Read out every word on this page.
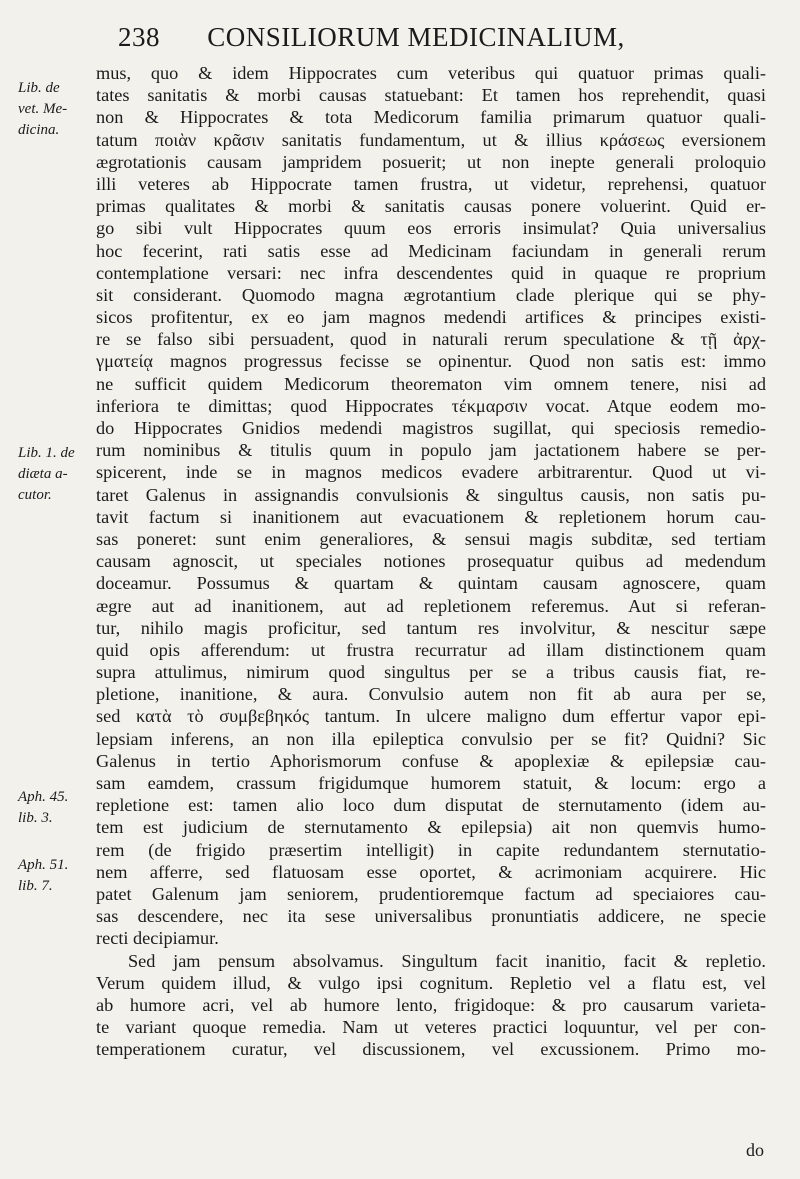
238 CONSILIORUM MEDICINALIUM,
Lib. de
vet. Me-
dicina.
Lib. 1. de
diæta a-
cutor.
Aph. 45.
lib. 3.
Aph. 51.
lib. 7.
mus, quo & idem Hippocrates cum veteribus qui quatuor primas quali-
tates sanitatis & morbi causas statuebant: Et tamen hos reprehendit, quasi
non & Hippocrates & tota Medicorum familia primarum quatuor quali-
tatum ποιὰν κρᾶσιν sanitatis fundamentum, ut & illius κράσεως eversionem
ægrotationis causam jampridem posuerit; ut non inepte generali proloquio
illi veteres ab Hippocrate tamen frustra, ut videtur, reprehensi, quatuor
primas qualitates & morbi & sanitatis causas ponere voluerint. Quid er-
go sibi vult Hippocrates quum eos erroris insimulat? Quia universalius
hoc fecerint, rati satis esse ad Medicinam faciundam in generali rerum
contemplatione versari: nec infra descendentes quid in quaque re proprium
sit considerant. Quomodo magna ægrotantium clade plerique qui se phy-
sicos profitentur, ex eo jam magnos medendi artifices & principes existi-
re se falso sibi persuadent, quod in naturali rerum speculatione & τῇ ἀρχ-
γματείᾳ magnos progressus fecisse se opinentur. Quod non satis est: immo
ne sufficit quidem Medicorum theorematon vim omnem tenere, nisi ad
inferiora te dimittas; quod Hippocrates τέκμαρσιν vocat. Atque eodem mo-
do Hippocrates Gnidios medendi magistros sugillat, qui speciosis remedio-
rum nominibus & titulis quum in populo jam jactationem habere se per-
spicerent, inde se in magnos medicos evadere arbitrarentur. Quod ut vi-
taret Galenus in assignandis convulsionis & singultus causis, non satis pu-
tavit factum si inanitionem aut evacuationem & repletionem horum cau-
sas poneret: sunt enim generaliores, & sensui magis subditæ, sed tertiam
causam agnoscit, ut speciales notiones prosequatur quibus ad medendum
doceamur. Possumus & quartam & quintam causam agnoscere, quam
ægre aut ad inanitionem, aut ad repletionem referemus. Aut si referan-
tur, nihilo magis proficitur, sed tantum res involvitur, & nescitur sæpe
quid opis afferendum: ut frustra recurratur ad illam distinctionem quam
supra attulimus, nimirum quod singultus per se a tribus causis fiat, re-
pletione, inanitione, & aura. Convulsio autem non fit ab aura per se,
sed κατὰ τὸ συμβεβηκός tantum. In ulcere maligno dum effertur vapor epi-
lepsiam inferens, an non illa epileptica convulsio per se fit? Quidni? Sic
Galenus in tertio Aphorismorum confuse & apoplexiæ & epilepsiæ cau-
sam eamdem, crassum frigidumque humorem statuit, & locum: ergo a
repletione est: tamen alio loco dum disputat de sternutamento (idem au-
tem est judicium de sternutamento & epilepsia) ait non quemvis humo-
rem (de frigido præsertim intelligit) in capite redundantem sternutatio-
nem afferre, sed flatuosam esse oportet, & acrimoniam acquirere. Hic
patet Galenum jam seniorem, prudentioremque factum ad speciaiores cau-
sas descendere, nec ita sese universalibus pronuntiatis addicere, ne specie
recti decipiamur.
Sed jam pensum absolvamus. Singultum facit inanitio, facit & repletio.
Verum quidem illud, & vulgo ipsi cognitum. Repletio vel a flatu est, vel
ab humore acri, vel ab humore lento, frigidoque: & pro causarum varieta-
te variant quoque remedia. Nam ut veteres practici loquuntur, vel per con-
temperationem curatur, vel discussionem, vel excussionem. Primo mo-
do
